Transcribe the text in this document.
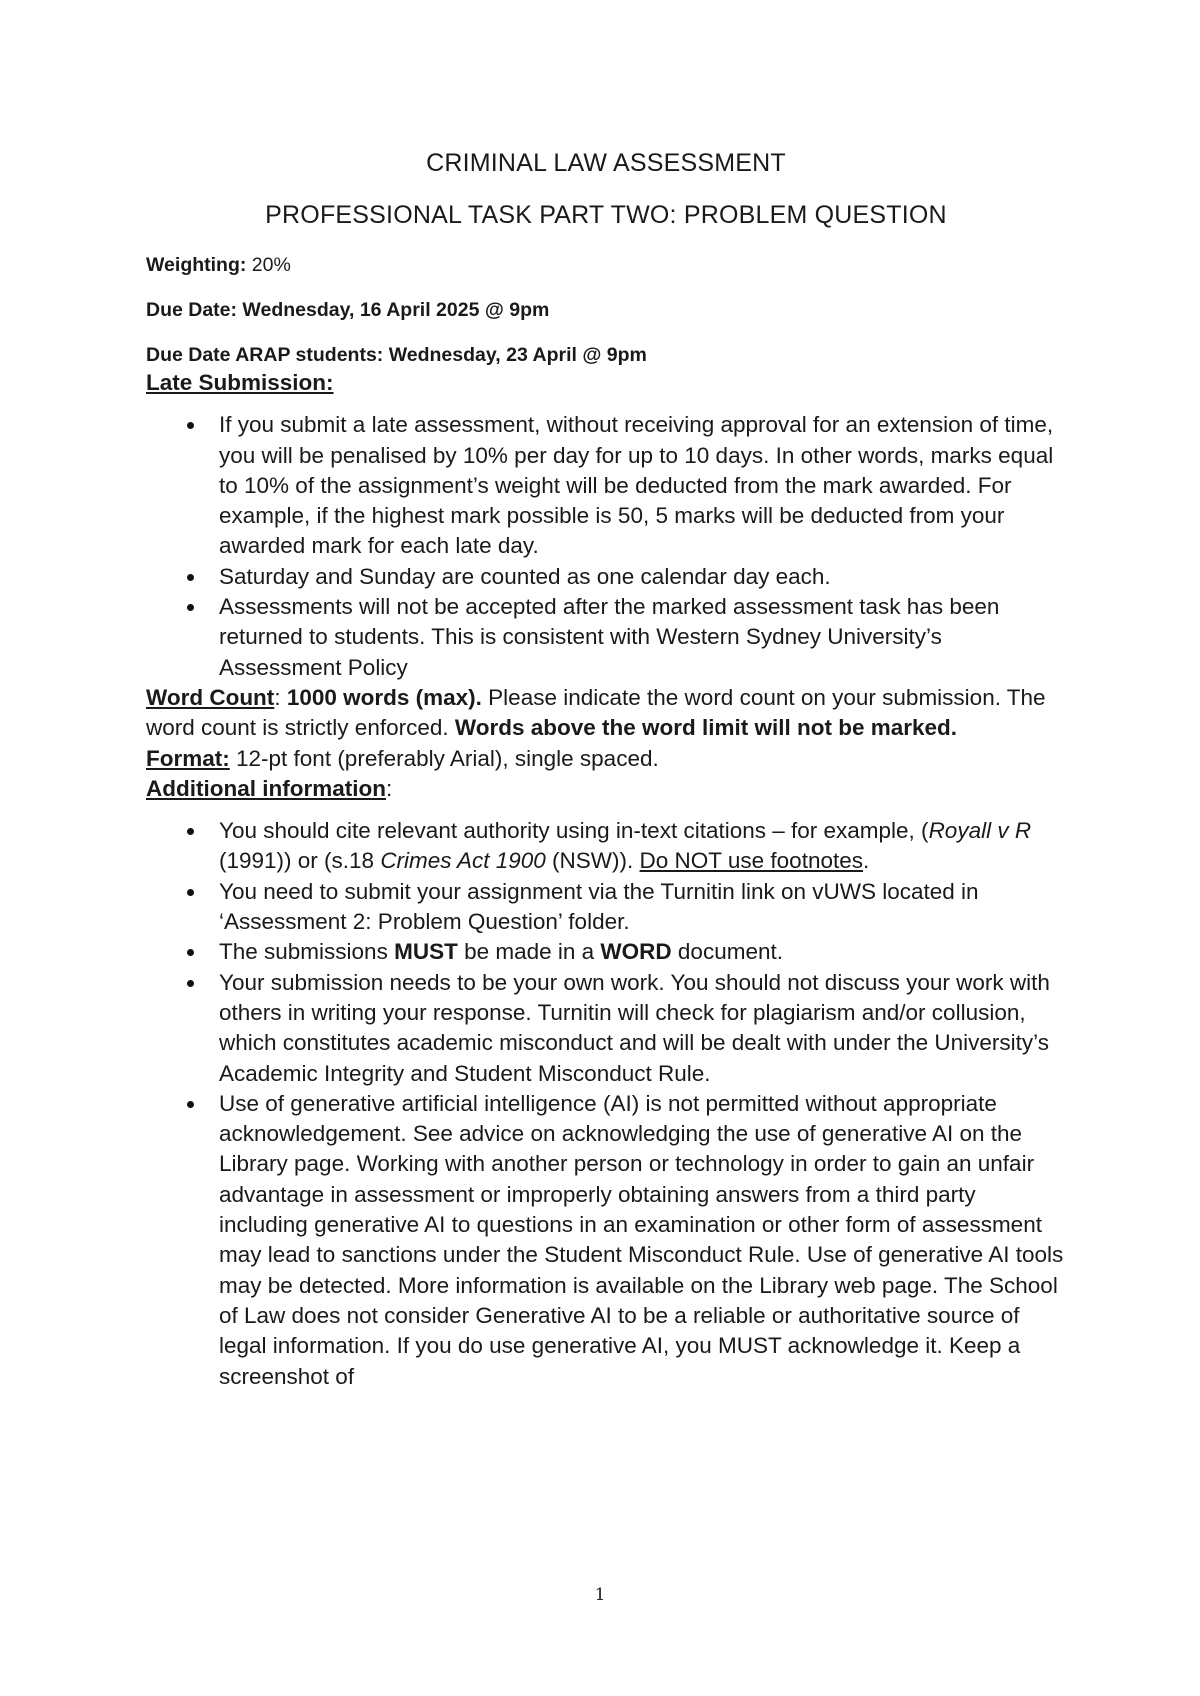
CRIMINAL LAW ASSESSMENT
PROFESSIONAL TASK PART TWO: PROBLEM QUESTION

Weighting: 20%

Due Date: Wednesday, 16 April 2025 @ 9pm

Due Date ARAP students: Wednesday, 23 April @ 9pm

Late Submission:

If you submit a late assessment, without receiving approval for an extension of time, you will be penalised by 10% per day for up to 10 days. In other words, marks equal to 10% of the assignment’s weight will be deducted from the mark awarded. For example, if the highest mark possible is 50, 5 marks will be deducted from your awarded mark for each late day.
Saturday and Sunday are counted as one calendar day each.
Assessments will not be accepted after the marked assessment task has been returned to students. This is consistent with Western Sydney University’s Assessment Policy

Word Count: 1000 words (max). Please indicate the word count on your submission. The word count is strictly enforced. Words above the word limit will not be marked.

Format: 12-pt font (preferably Arial), single spaced.

Additional information:

You should cite relevant authority using in-text citations – for example, (Royall v R (1991)) or (s.18 Crimes Act 1900 (NSW)). Do NOT use footnotes.
You need to submit your assignment via the Turnitin link on vUWS located in ‘Assessment 2: Problem Question’ folder.
The submissions MUST be made in a WORD document.
Your submission needs to be your own work. You should not discuss your work with others in writing your response. Turnitin will check for plagiarism and/or collusion, which constitutes academic misconduct and will be dealt with under the University’s Academic Integrity and Student Misconduct Rule.
Use of generative artificial intelligence (AI) is not permitted without appropriate acknowledgement. See advice on acknowledging the use of generative AI on the Library page. Working with another person or technology in order to gain an unfair advantage in assessment or improperly obtaining answers from a third party including generative AI to questions in an examination or other form of assessment may lead to sanctions under the Student Misconduct Rule. Use of generative AI tools may be detected. More information is available on the Library web page. The School of Law does not consider Generative AI to be a reliable or authoritative source of legal information. If you do use generative AI, you MUST acknowledge it. Keep a screenshot of
1
